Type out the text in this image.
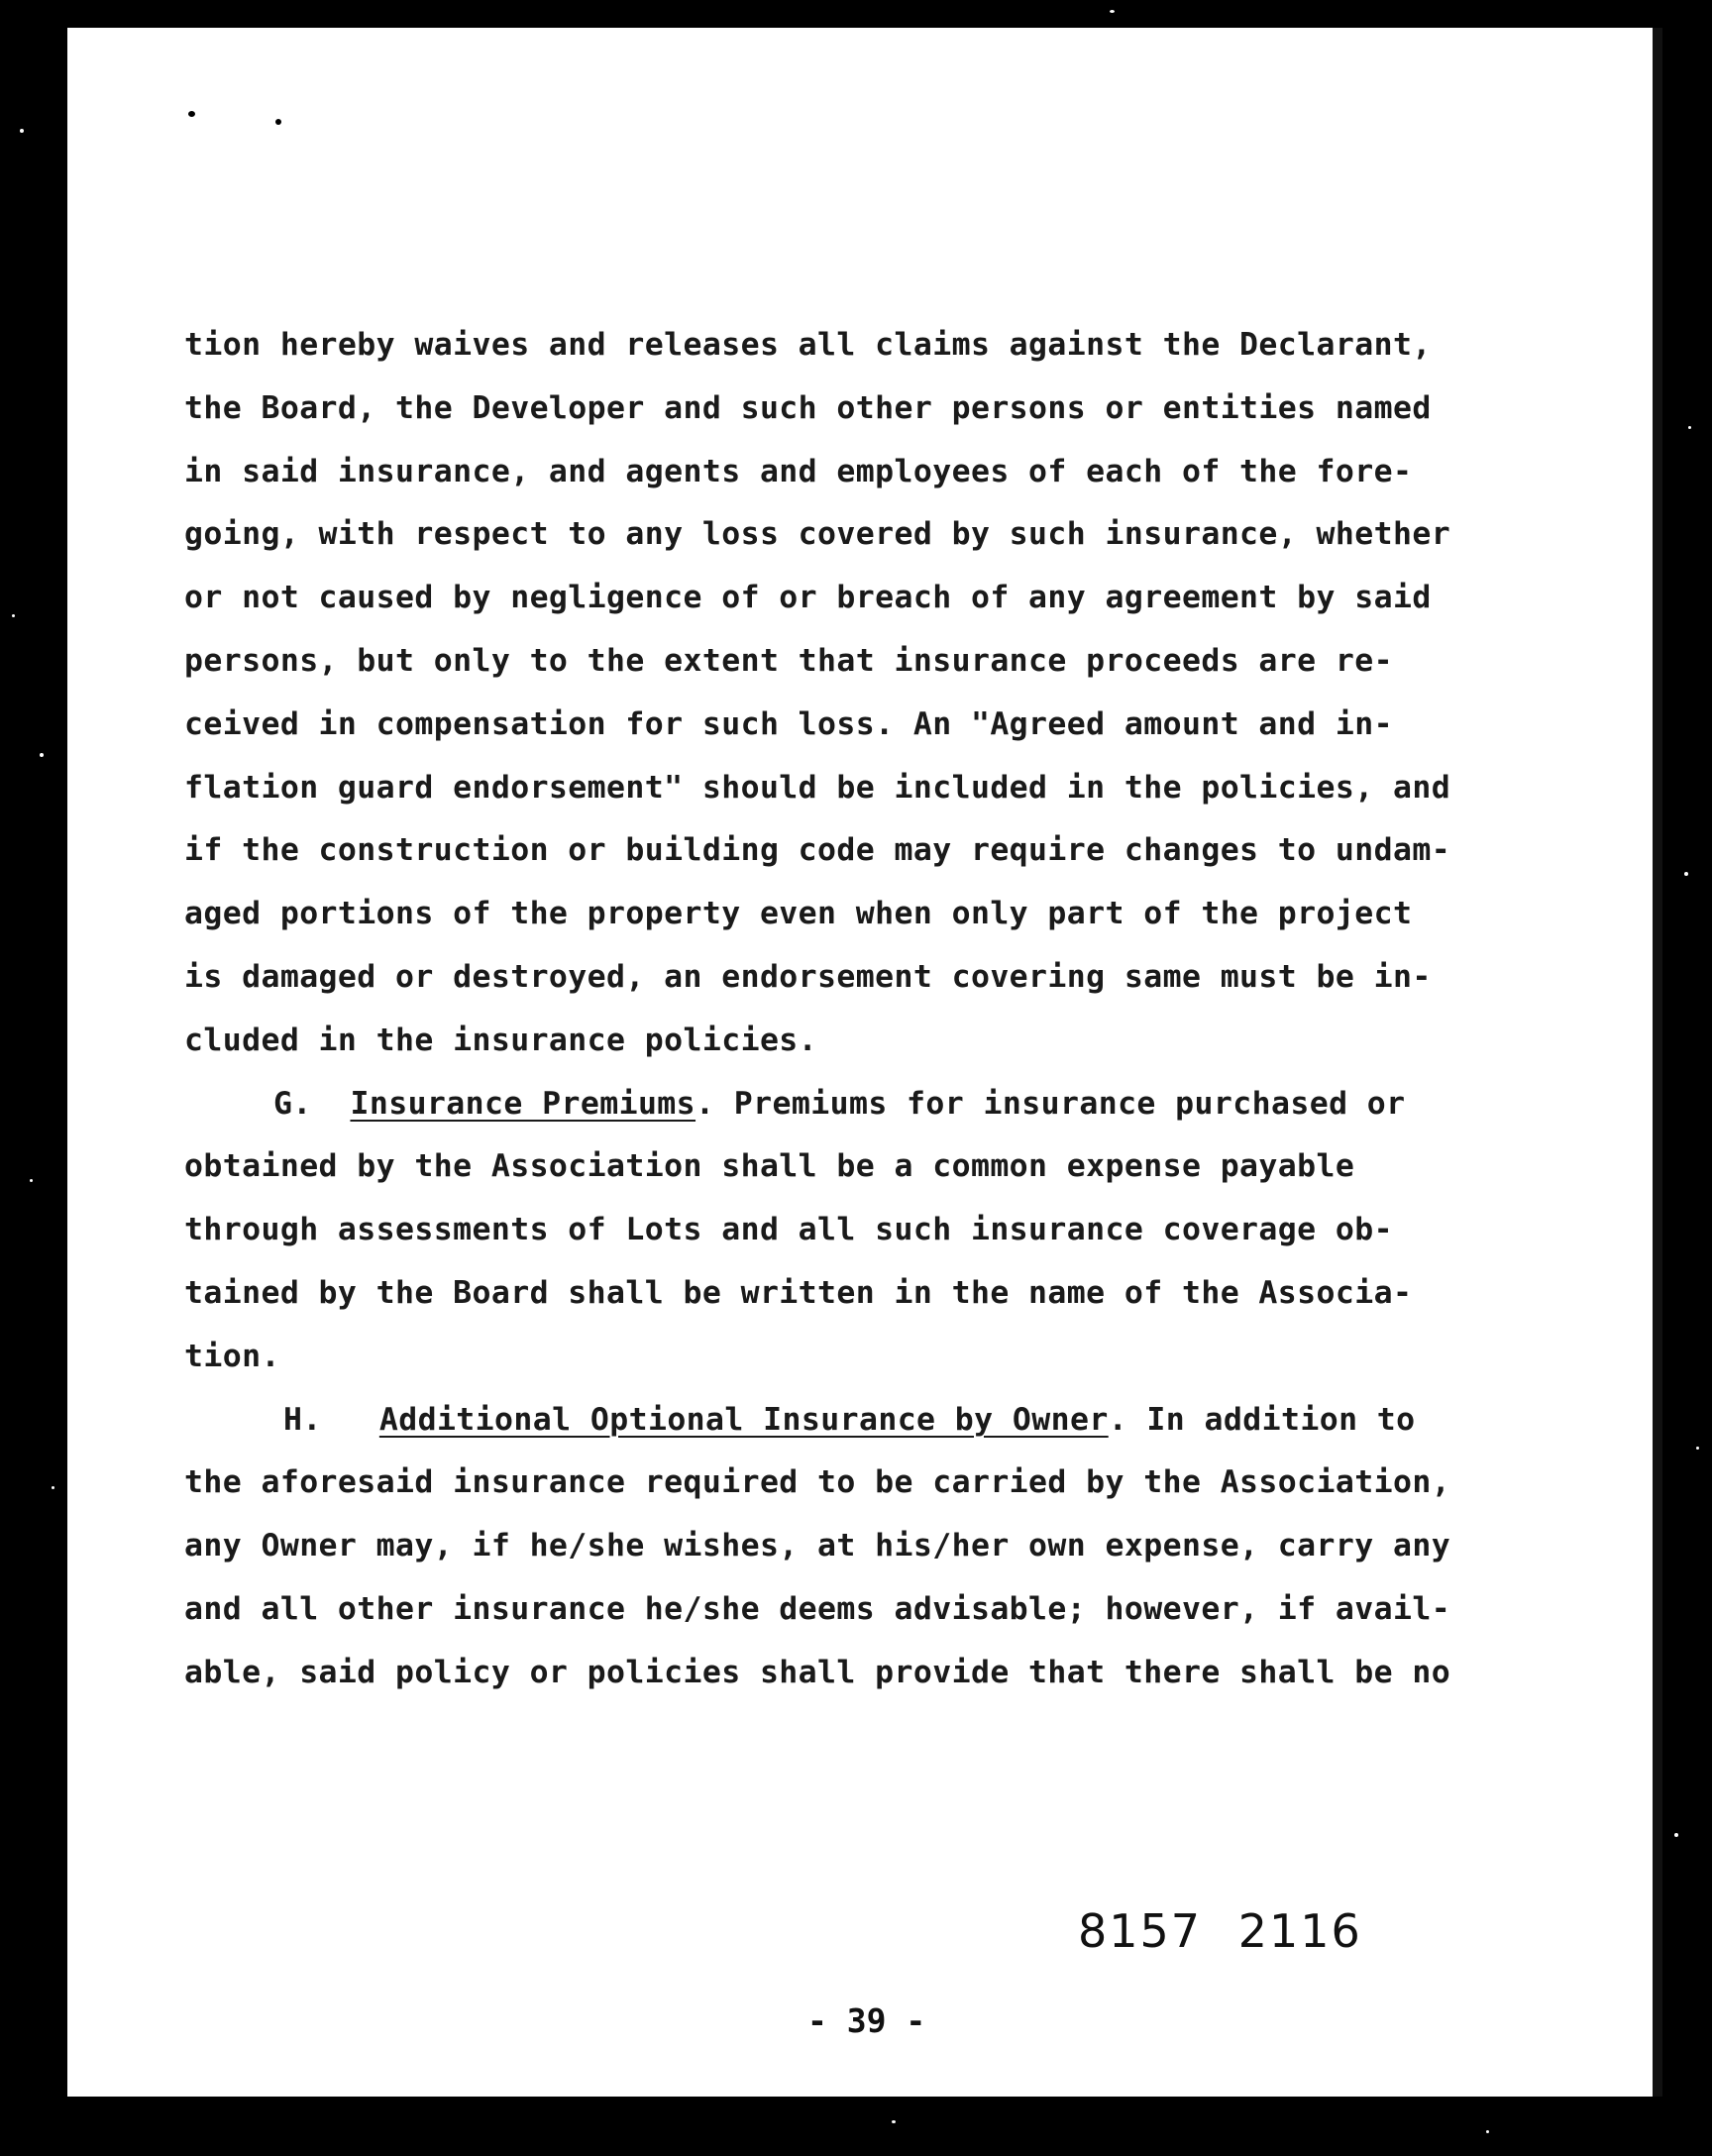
tion hereby waives and releases all claims against the Declarant,
the Board, the Developer and such other persons or entities named
in said insurance, and agents and employees of each of the fore-
going, with respect to any loss covered by such insurance, whether
or not caused by negligence of or breach of any agreement by said
persons, but only to the extent that insurance proceeds are re-
ceived in compensation for such loss. An "Agreed amount and in-
flation guard endorsement" should be included in the policies, and
if the construction or building code may require changes to undam-
aged portions of the property even when only part of the project
is damaged or destroyed, an endorsement covering same must be in-
cluded in the insurance policies.
G. Insurance Premiums. Premiums for insurance purchased or
obtained by the Association shall be a common expense payable
through assessments of Lots and all such insurance coverage ob-
tained by the Board shall be written in the name of the Associa-
tion.
H. Additional Optional Insurance by Owner. In addition to
the aforesaid insurance required to be carried by the Association,
any Owner may, if he/she wishes, at his/her own expense, carry any
and all other insurance he/she deems advisable; however, if avail-
able, said policy or policies shall provide that there shall be no
8157 2116
- 39 -
